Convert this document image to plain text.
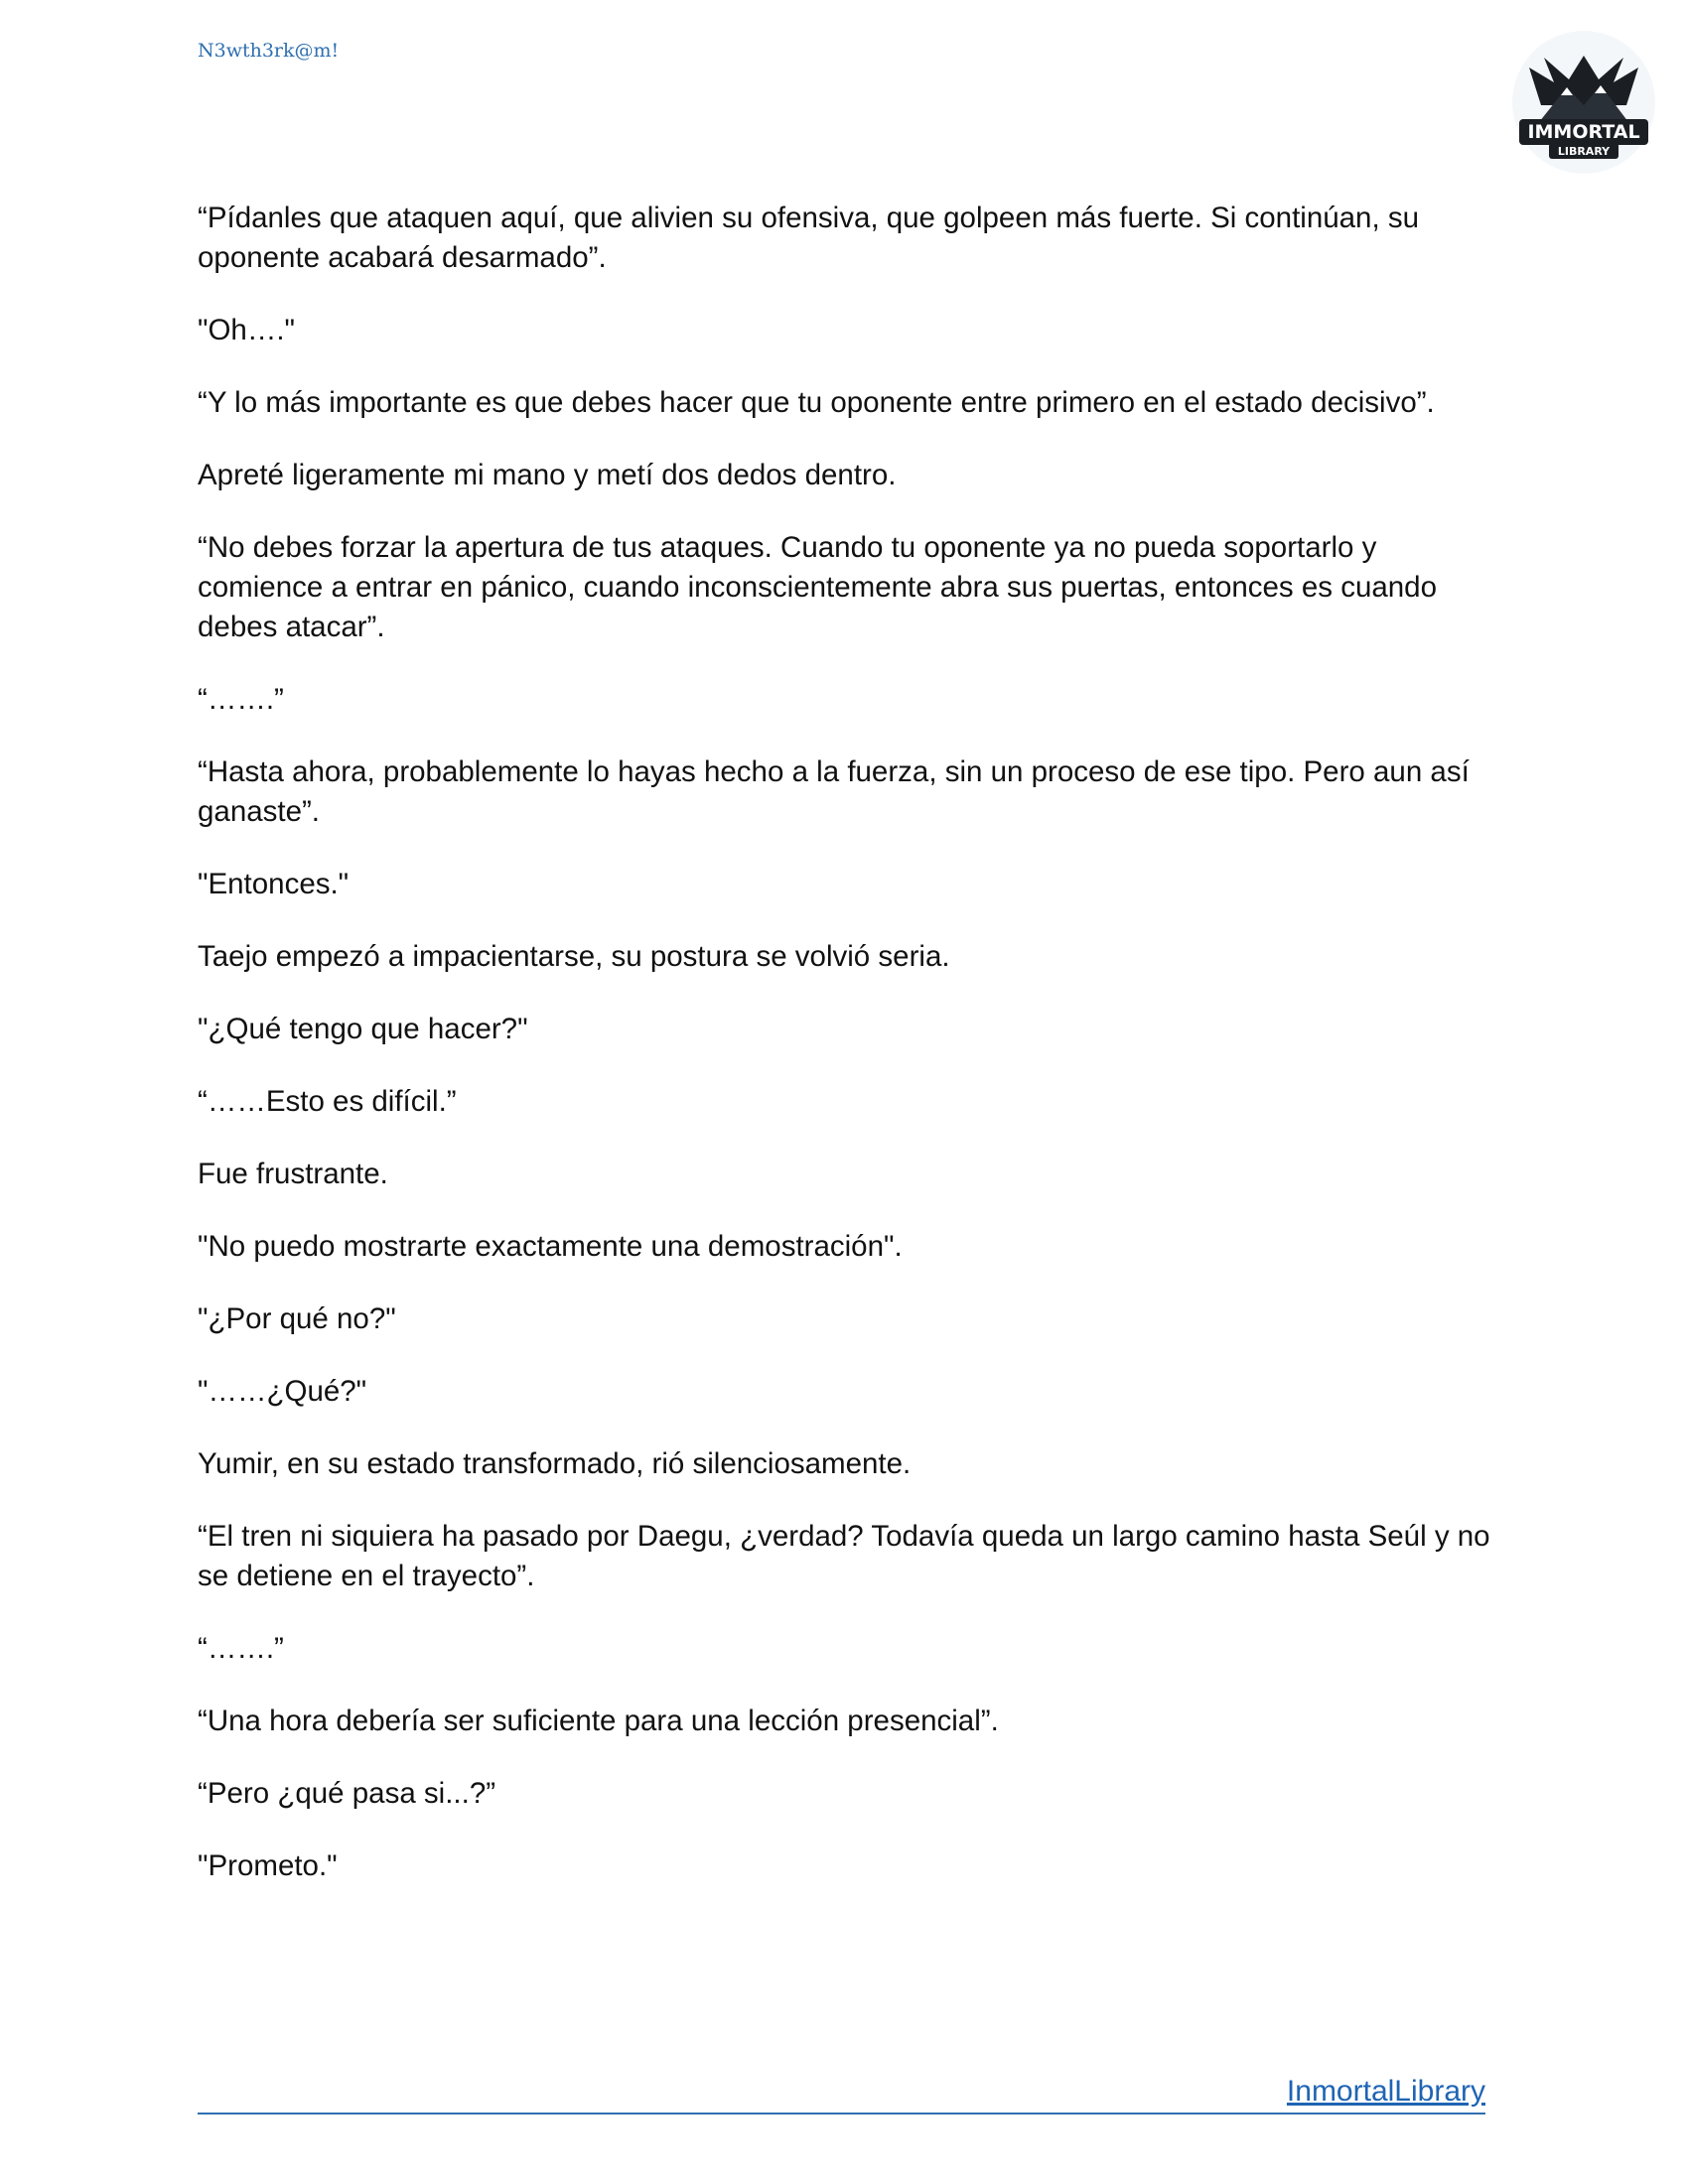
N3wth3rk@m!
IMMORTAL
LIBRARY

“Pídanles que ataquen aquí, que alivien su ofensiva, que golpeen más fuerte. Si continúan, su oponente acabará desarmado”.

"Oh…."

“Y lo más importante es que debes hacer que tu oponente entre primero en el estado decisivo”.

Apreté ligeramente mi mano y metí dos dedos dentro.

“No debes forzar la apertura de tus ataques. Cuando tu oponente ya no pueda soportarlo y comience a entrar en pánico, cuando inconscientemente abra sus puertas, entonces es cuando debes atacar”.

“…….”

“Hasta ahora, probablemente lo hayas hecho a la fuerza, sin un proceso de ese tipo. Pero aun así ganaste”.

"Entonces."

Taejo empezó a impacientarse, su postura se volvió seria.

"¿Qué tengo que hacer?"

“……Esto es difícil.”

Fue frustrante.

"No puedo mostrarte exactamente una demostración".

"¿Por qué no?"

"……¿Qué?"

Yumir, en su estado transformado, rió silenciosamente.

“El tren ni siquiera ha pasado por Daegu, ¿verdad? Todavía queda un largo camino hasta Seúl y no se detiene en el trayecto”.

“…….”

“Una hora debería ser suficiente para una lección presencial”.

“Pero ¿qué pasa si...?”

"Prometo."

InmortalLibrary
